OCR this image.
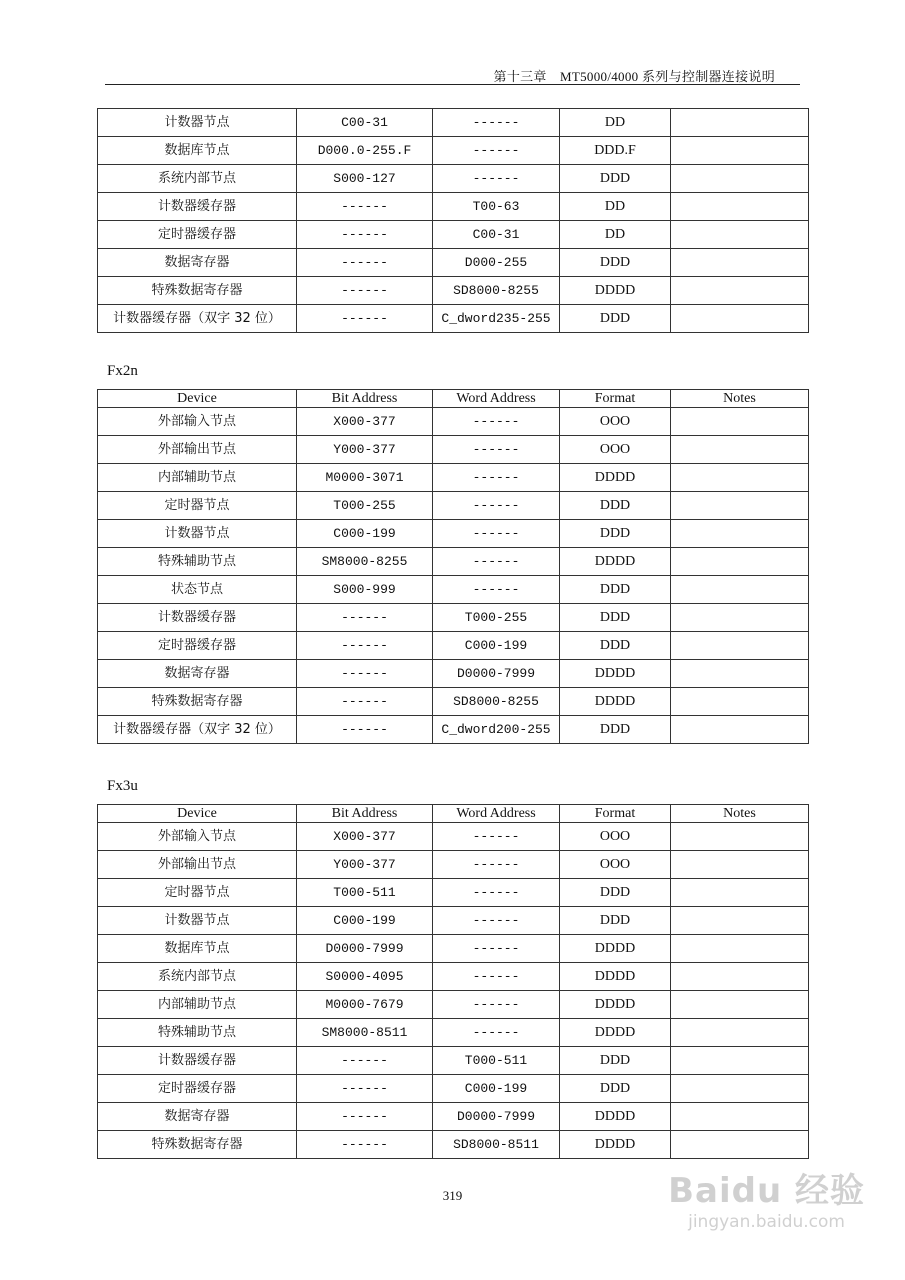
第十三章　MT5000/4000 系列与控制器连接说明
计数器节点	C00-31	------	DD	
数据库节点	D000.0-255.F	------	DDD.F	
系统内部节点	S000-127	------	DDD	
计数器缓存器	------	T00-63	DD	
定时器缓存器	------	C00-31	DD	
数据寄存器	------	D000-255	DDD	
特殊数据寄存器	------	SD8000-8255	DDDD	
计数器缓存器（双字 32 位）	------	C_dword235-255	DDD	
Fx2n
Device	Bit Address	Word Address	Format	Notes
外部输入节点	X000-377	------	OOO	
外部输出节点	Y000-377	------	OOO	
内部辅助节点	M0000-3071	------	DDDD	
定时器节点	T000-255	------	DDD	
计数器节点	C000-199	------	DDD	
特殊辅助节点	SM8000-8255	------	DDDD	
状态节点	S000-999	------	DDD	
计数器缓存器	------	T000-255	DDD	
定时器缓存器	------	C000-199	DDD	
数据寄存器	------	D0000-7999	DDDD	
特殊数据寄存器	------	SD8000-8255	DDDD	
计数器缓存器（双字 32 位）	------	C_dword200-255	DDD	
Fx3u
Device	Bit Address	Word Address	Format	Notes
外部输入节点	X000-377	------	OOO	
外部输出节点	Y000-377	------	OOO	
定时器节点	T000-511	------	DDD	
计数器节点	C000-199	------	DDD	
数据库节点	D0000-7999	------	DDDD	
系统内部节点	S0000-4095	------	DDDD	
内部辅助节点	M0000-7679	------	DDDD	
特殊辅助节点	SM8000-8511	------	DDDD	
计数器缓存器	------	T000-511	DDD	
定时器缓存器	------	C000-199	DDD	
数据寄存器	------	D0000-7999	DDDD	
特殊数据寄存器	------	SD8000-8511	DDDD	
319	Baidu 经验
jingyan.baidu.com
